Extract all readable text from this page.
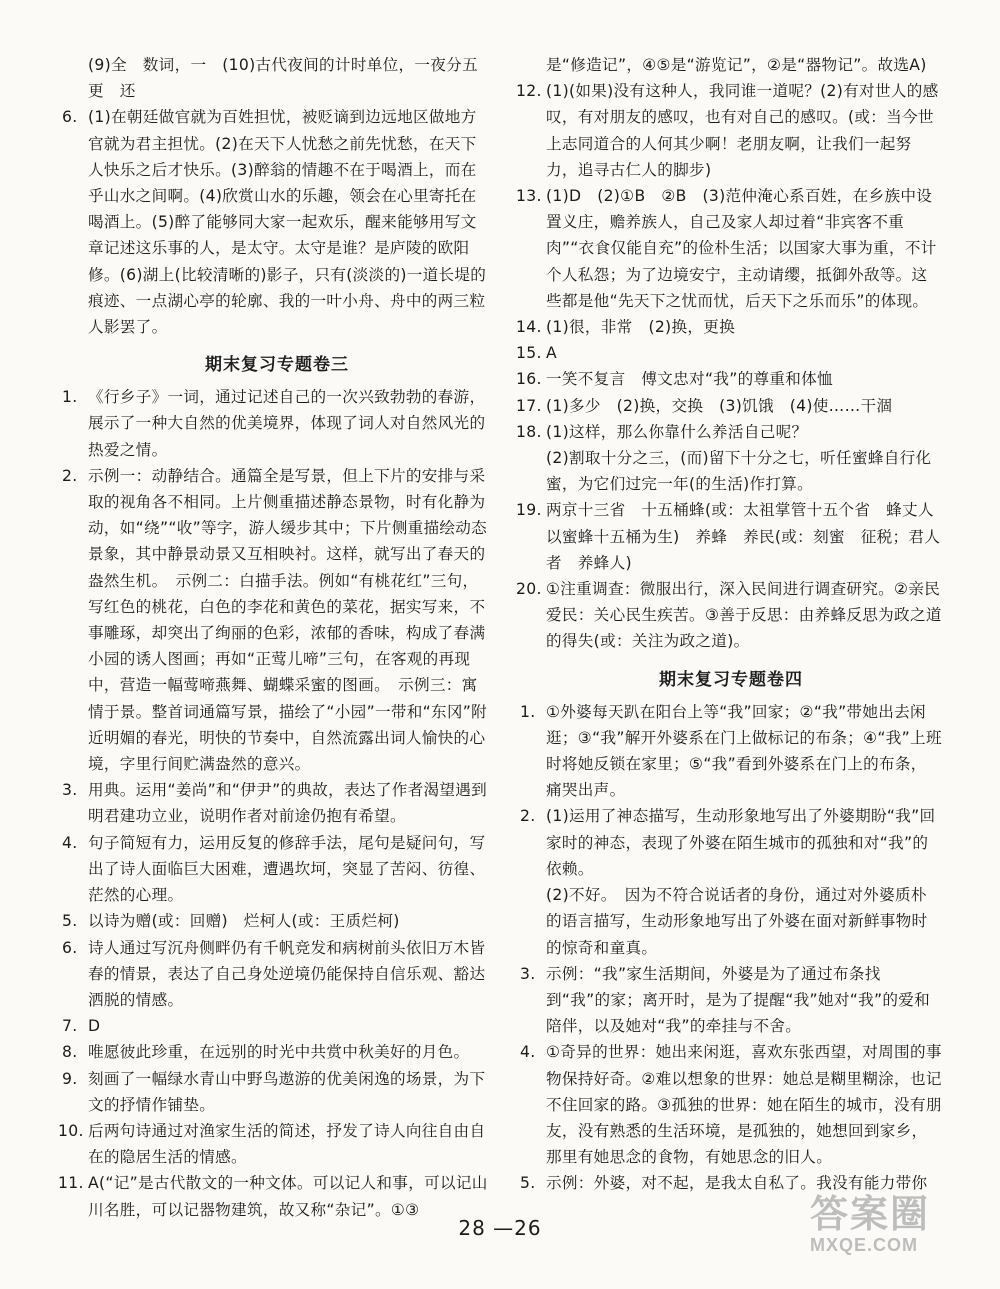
(9)全　数词，一　(10)古代夜间的计时单位，一夜分五更　还
6. (1)在朝廷做官就为百姓担忧，被贬谪到边远地区做地方官就为君主担忧。(2)在天下人忧愁之前先忧愁，在天下人快乐之后才快乐。(3)醉翁的情趣不在于喝酒上，而在乎山水之间啊。(4)欣赏山水的乐趣，领会在心里寄托在喝酒上。(5)醉了能够同大家一起欢乐，醒来能够用写文章记述这乐事的人，是太守。太守是谁？是庐陵的欧阳修。(6)湖上(比较清晰的)影子，只有(淡淡的)一道长堤的痕迹、一点湖心亭的轮廓、我的一叶小舟、舟中的两三粒人影罢了。
期末复习专题卷三
1. 《行乡子》一词，通过记述自己的一次兴致勃勃的春游，展示了一种大自然的优美境界，体现了词人对自然风光的热爱之情。
2. 示例一：动静结合。通篇全是写景，但上下片的安排与采取的视角各不相同。上片侧重描述静态景物，时有化静为动，如“绕”“收”等字，游人缓步其中；下片侧重描绘动态景象，其中静景动景又互相映衬。这样，就写出了春天的盎然生机。　示例二：白描手法。例如“有桃花红”三句，写红色的桃花，白色的李花和黄色的菜花，据实写来，不事雕琢，却突出了绚丽的色彩，浓郁的香味，构成了春满小园的诱人图画；再如“正莺儿啼”三句，在客观的再现中，营造一幅莺啼燕舞、蝴蝶采蜜的图画。　示例三：寓情于景。整首词通篇写景，描绘了“小园”一带和“东冈”附近明媚的春光，明快的节奏中，自然流露出词人愉快的心境，字里行间贮满盎然的意兴。
3. 用典。运用“姜尚”和“伊尹”的典故，表达了作者渴望遇到明君建功立业，说明作者对前途仍抱有希望。
4. 句子简短有力，运用反复的修辞手法，尾句是疑问句，写出了诗人面临巨大困难，遭遇坎坷，突显了苦闷、彷徨、茫然的心理。
5. 以诗为赠(或：回赠)　烂柯人(或：王质烂柯)
6. 诗人通过写沉舟侧畔仍有千帆竞发和病树前头依旧万木皆春的情景，表达了自己身处逆境仍能保持自信乐观、豁达洒脱的情感。
7. D
8. 唯愿彼此珍重，在远别的时光中共赏中秋美好的月色。
9. 刻画了一幅绿水青山中野鸟遨游的优美闲逸的场景，为下文的抒情作铺垫。
10. 后两句诗通过对渔家生活的简述，抒发了诗人向往自由自在的隐居生活的情感。
11. A(“记”是古代散文的一种文体。可以记人和事，可以记山川名胜，可以记器物建筑，故又称“杂记”。①③
是“修造记”，④⑤是“游览记”，②是“器物记”。故选A)
12. (1)(如果)没有这种人，我同谁一道呢？(2)有对世人的感叹，有对朋友的感叹，也有对自己的感叹。(或：当今世上志同道合的人何其少啊！老朋友啊，让我们一起努力，追寻古仁人的脚步)
13. (1)D　(2)①B　②B　(3)范仲淹心系百姓，在乡族中设置义庄，赡养族人，自己及家人却过着“非宾客不重肉”“衣食仅能自充”的俭朴生活；以国家大事为重，不计个人私怨；为了边境安宁，主动请缨，抵御外敌等。这些都是他“先天下之忧而忧，后天下之乐而乐”的体现。
14. (1)很，非常　(2)换，更换
15. A
16. 一笑不复言　傅文忠对“我”的尊重和体恤
17. (1)多少　(2)换，交换　(3)饥饿　(4)使……干涸
18. (1)这样，那么你靠什么养活自己呢？
(2)割取十分之三，(而)留下十分之七，听任蜜蜂自行化蜜，为它们过完一年(的生活)作打算。
19. 两京十三省　十五桶蜂(或：太祖掌管十五个省　蜂丈人以蜜蜂十五桶为生)　养蜂　养民(或：刻蜜　征税；君人者　养蜂人)
20. ①注重调查：微服出行，深入民间进行调查研究。②亲民爱民：关心民生疾苦。③善于反思：由养蜂反思为政之道的得失(或：关注为政之道)。
期末复习专题卷四
1. ①外婆每天趴在阳台上等“我”回家；②“我”带她出去闲逛；③“我”解开外婆系在门上做标记的布条；④“我”上班时将她反锁在家里；⑤“我”看到外婆系在门上的布条，痛哭出声。
2. (1)运用了神态描写，生动形象地写出了外婆期盼“我”回家时的神态，表现了外婆在陌生城市的孤独和对“我”的依赖。
(2)不好。　因为不符合说话者的身份，通过对外婆质朴的语言描写，生动形象地写出了外婆在面对新鲜事物时的惊奇和童真。
3. 示例：“我”家生活期间，外婆是为了通过布条找到“我”的家；离开时，是为了提醒“我”她对“我”的爱和陪伴，以及她对“我”的牵挂与不舍。
4. ①奇异的世界：她出来闲逛，喜欢东张西望，对周围的事物保持好奇。②难以想象的世界：她总是糊里糊涂，也记不住回家的路。③孤独的世界：她在陌生的城市，没有朋友，没有熟悉的生活环境，是孤独的，她想回到家乡，那里有她思念的食物，有她思念的旧人。
5. 示例：外婆，对不起，是我太自私了。我没有能力带你
28 —26	答案圈
MXQE.COM
